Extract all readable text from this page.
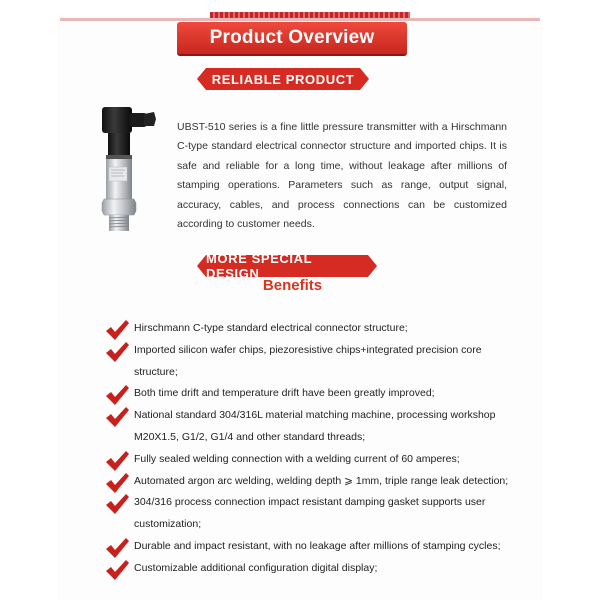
Product Overview
RELIABLE PRODUCT

UBST-510 series is a fine little pressure transmitter with a Hirschmann C-type standard electrical connector structure and imported chips. It is safe and reliable for a long time, without leakage after millions of stamping operations. Parameters such as range, output signal, accuracy, cables, and process connections can be customized according to customer needs.

MORE SPECIAL DESIGN
Benefits
Hirschmann C-type standard electrical connector structure;
Imported silicon wafer chips, piezoresistive chips+integrated precision core structure;
Both time drift and temperature drift have been greatly improved;
National standard 304/316L material matching machine, processing workshop M20X1.5, G1/2, G1/4 and other standard threads;
Fully sealed welding connection with a welding current of 60 amperes;
Automated argon arc welding, welding depth ⩾ 1mm, triple range leak detection;
304/316 process connection impact resistant damping gasket supports user customization;
Durable and impact resistant, with no leakage after millions of stamping cycles;
Customizable additional configuration digital display;
